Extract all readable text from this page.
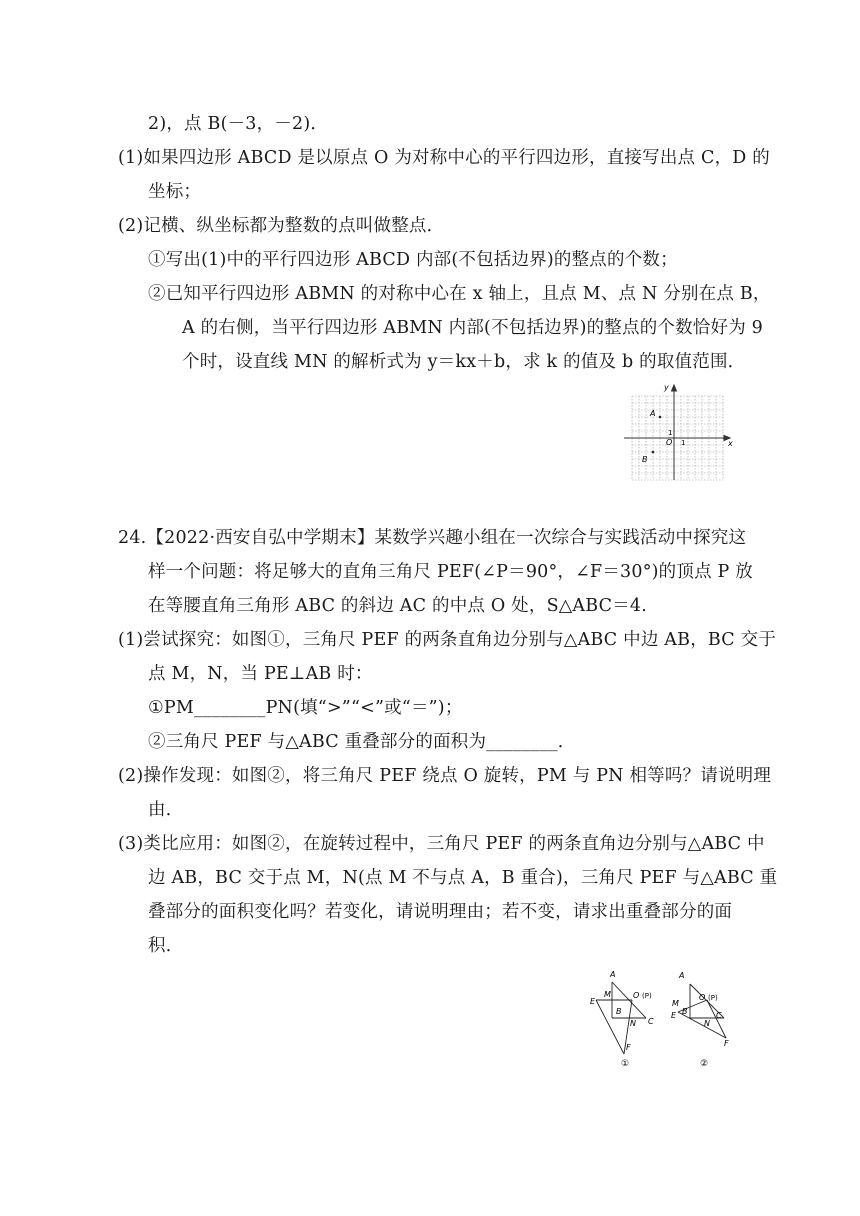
2)，点 B(－3，－2)．
(1)如果四边形 ABCD 是以原点 O 为对称中心的平行四边形，直接写出点 C，D 的
坐标；
(2)记横、纵坐标都为整数的点叫做整点．
①写出(1)中的平行四边形 ABCD 内部(不包括边界)的整点的个数；
②已知平行四边形 ABMN 的对称中心在 x 轴上，且点 M、点 N 分别在点 B，
A 的右侧，当平行四边形 ABMN 内部(不包括边界)的整点的个数恰好为 9
个时，设直线 MN 的解析式为 y＝kx＋b，求 k 的值及 b 的取值范围．
y
x
O 1
1
A
B
24.【2022·西安自弘中学期末】某数学兴趣小组在一次综合与实践活动中探究这
样一个问题：将足够大的直角三角尺 PEF(∠P＝90°，∠F＝30°)的顶点 P 放
在等腰直角三角形 ABC 的斜边 AC 的中点 O 处，S△ABC＝4.
(1)尝试探究：如图①，三角尺 PEF 的两条直角边分别与△ABC 中边 AB，BC 交于
点 M，N，当 PE⊥AB 时：
①PM________PN(填“>”“<”或“＝”)；
②三角尺 PEF 与△ABC 重叠部分的面积为________．
(2)操作发现：如图②，将三角尺 PEF 绕点 O 旋转，PM 与 PN 相等吗？请说明理
由．
(3)类比应用：如图②，在旋转过程中，三角尺 PEF 的两条直角边分别与△ABC 中
边 AB，BC 交于点 M，N(点 M 不与点 A，B 重合)，三角尺 PEF 与△ABC 重
叠部分的面积变化吗？若变化，请说明理由；若不变，请求出重叠部分的面
积．
A
E
M	O (P)
B
N C
F
①
A
M
E
O (P)
B
N
C
F
②
